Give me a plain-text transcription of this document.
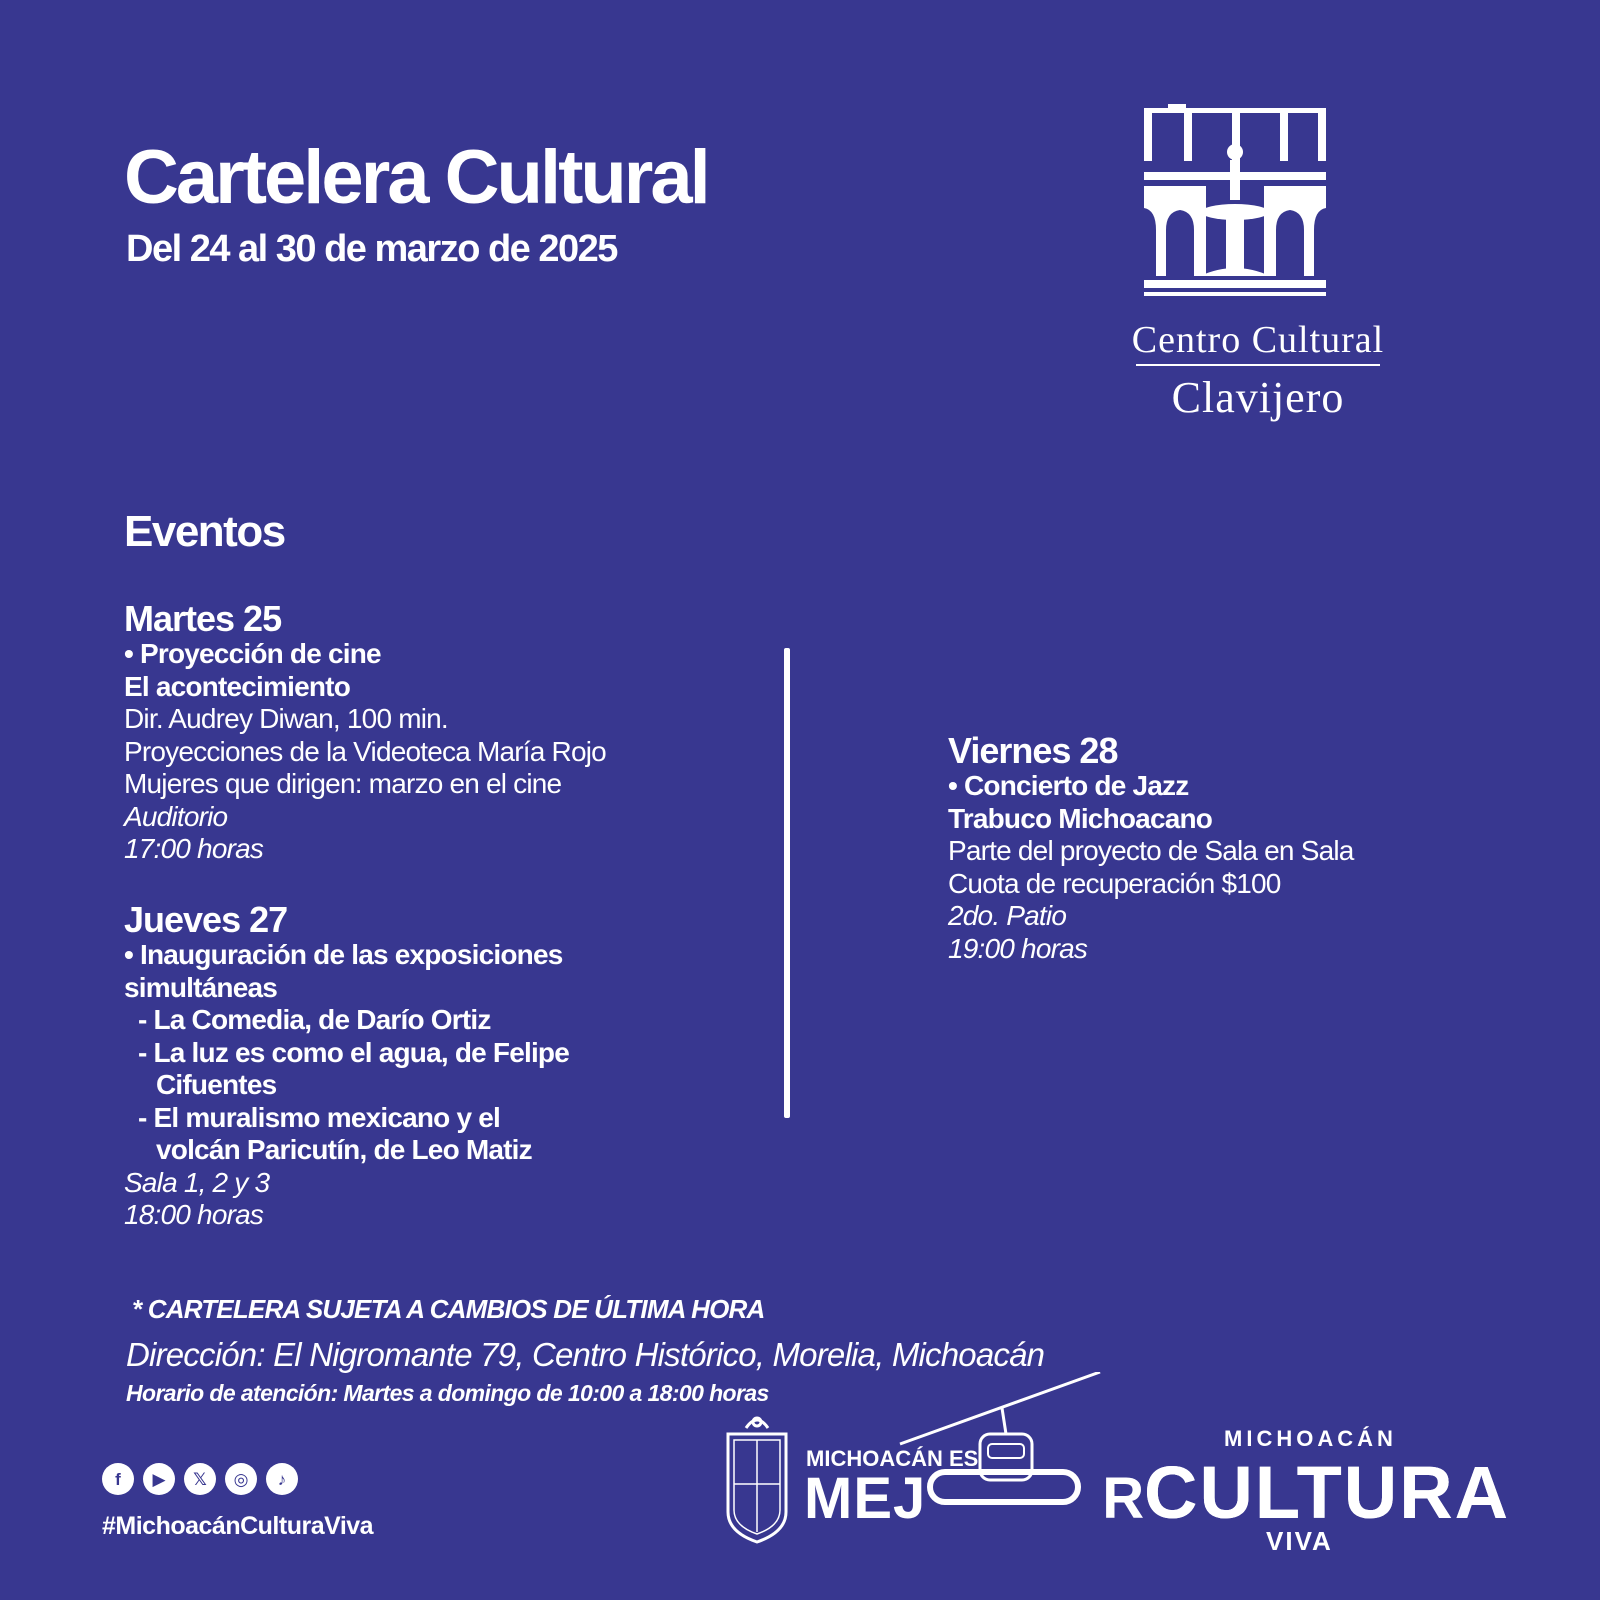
Cartelera Cultural
Del 24 al 30 de marzo de 2025
Centro Cultural
Clavijero
Eventos
Martes 25
• Proyección de cine
El acontecimiento
Dir. Audrey Diwan, 100 min.
Proyecciones de la Videoteca María Rojo
Mujeres que dirigen: marzo en el cine
Auditorio
17:00 horas
Jueves 27
• Inauguración de las exposiciones
simultáneas
- La Comedia, de Darío Ortiz
- La luz es como el agua, de Felipe
Cifuentes
- El muralismo mexicano y el
volcán Paricutín, de Leo Matiz
Sala 1, 2 y 3
18:00 horas
Viernes 28
• Concierto de Jazz
Trabuco Michoacano
Parte del proyecto de Sala en Sala
Cuota de recuperación $100
2do. Patio
19:00 horas
* CARTELERA SUJETA A CAMBIOS DE ÚLTIMA HORA
Dirección: El Nigromante 79, Centro Histórico, Morelia, Michoacán
Horario de atención: Martes a domingo de 10:00 a 18:00 horas
f	▶	𝕏	◎	♪
#MichoacánCulturaViva
MICHOACÁN ES
MEJ	R
MICHOACÁN
CULTURA
VIVA
